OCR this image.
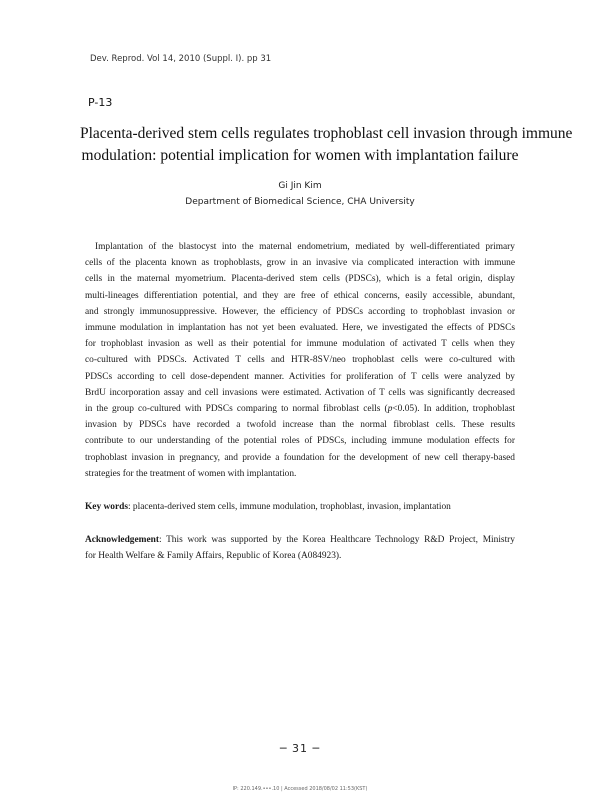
Dev. Reprod. Vol 14, 2010 (Suppl. I). pp 31
P-13
Placenta-derived stem cells regulates trophoblast cell invasion through immune
modulation: potential implication for women with implantation failure
Gi Jin Kim
Department of Biomedical Science, CHA University
Implantation of the blastocyst into the maternal endometrium, mediated by well-differentiated primary
cells of the placenta known as trophoblasts, grow in an invasive via complicated interaction with immune
cells in the maternal myometrium. Placenta-derived stem cells (PDSCs), which is a fetal origin, display
multi-lineages differentiation potential, and they are free of ethical concerns, easily accessible, abundant,
and strongly immunosuppressive. However, the efficiency of PDSCs according to trophoblast invasion or
immune modulation in implantation has not yet been evaluated. Here, we investigated the effects of PDSCs
for trophoblast invasion as well as their potential for immune modulation of activated T cells when they
co-cultured with PDSCs. Activated T cells and HTR-8SV/neo trophoblast cells were co-cultured with
PDSCs according to cell dose-dependent manner. Activities for proliferation of T cells were analyzed by
BrdU incorporation assay and cell invasions were estimated. Activation of T cells was significantly decreased
in the group co-cultured with PDSCs comparing to normal fibroblast cells (p<0.05). In addition, trophoblast
invasion by PDSCs have recorded a twofold increase than the normal fibroblast cells. These results
contribute to our understanding of the potential roles of PDSCs, including immune modulation effects for
trophoblast invasion in pregnancy, and provide a foundation for the development of new cell therapy-based
strategies for the treatment of women with implantation.
Key words: placenta-derived stem cells, immune modulation, trophoblast, invasion, implantation
Acknowledgement: This work was supported by the Korea Healthcare Technology R&D Project, Ministry
for Health Welfare & Family Affairs, Republic of Korea (A084923).
─ 31 ─
IP: 220.149.•••.10 | Accessed 2018/08/02 11:53(KST)
